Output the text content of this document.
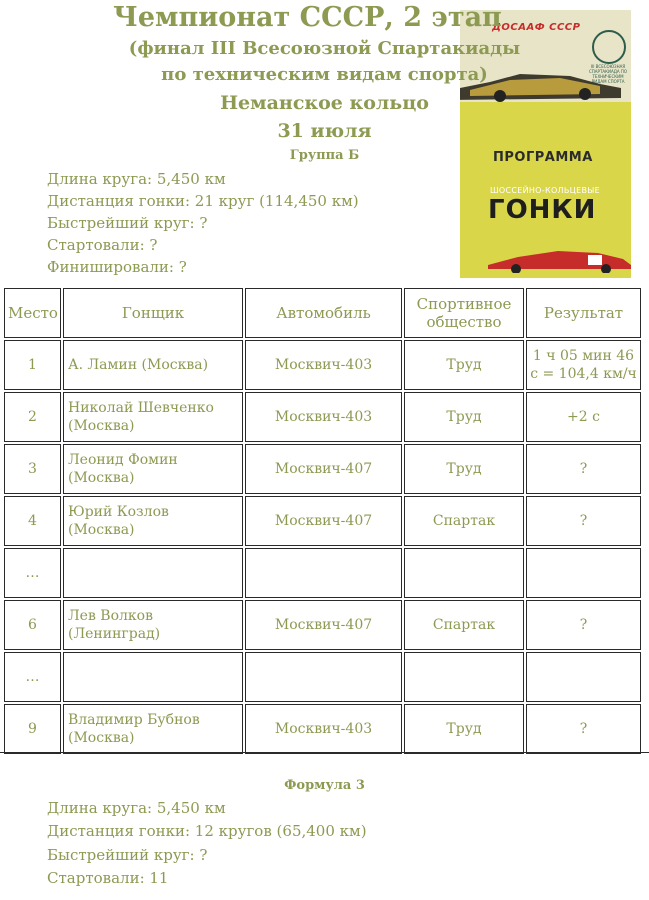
ДОСААФ СССР
III ВСЕСОЮЗНАЯ СПАРТАКИАДА ПО ТЕХНИЧЕСКИМ ВИДАМ СПОРТА
ПРОГРАММА
ШОССЕЙНО-КОЛЬЦЕВЫЕ
ГОНКИ
Чемпионат СССР, 2 этап
(финал III Всесоюзной Спартакиады
по техническим видам спорта)
Неманское кольцо
31 июля
Группа Б
Длина круга: 5,450 км
Дистанция гонки: 21 круг (114,450 км)
Быстрейший круг: ?
Стартовали: ?
Финишировали: ?
Место	Гонщик	Автомобиль	Спортивное общество	Результат
1	А. Ламин (Москва)	Москвич-403	Труд	1 ч 05 мин 46 с = 104,4 км/ч
2	Николай Шевченко (Москва)	Москвич-403	Труд	+2 с
3	Леонид Фомин (Москва)	Москвич-407	Труд	?
4	Юрий Козлов (Москва)	Москвич-407	Спартак	?
…				
6	Лев Волков (Ленинград)	Москвич-407	Спартак	?
…				
9	Владимир Бубнов (Москва)	Москвич-403	Труд	?
Формула 3
Длина круга: 5,450 км
Дистанция гонки: 12 кругов (65,400 км)
Быстрейший круг: ?
Стартовали: 11
